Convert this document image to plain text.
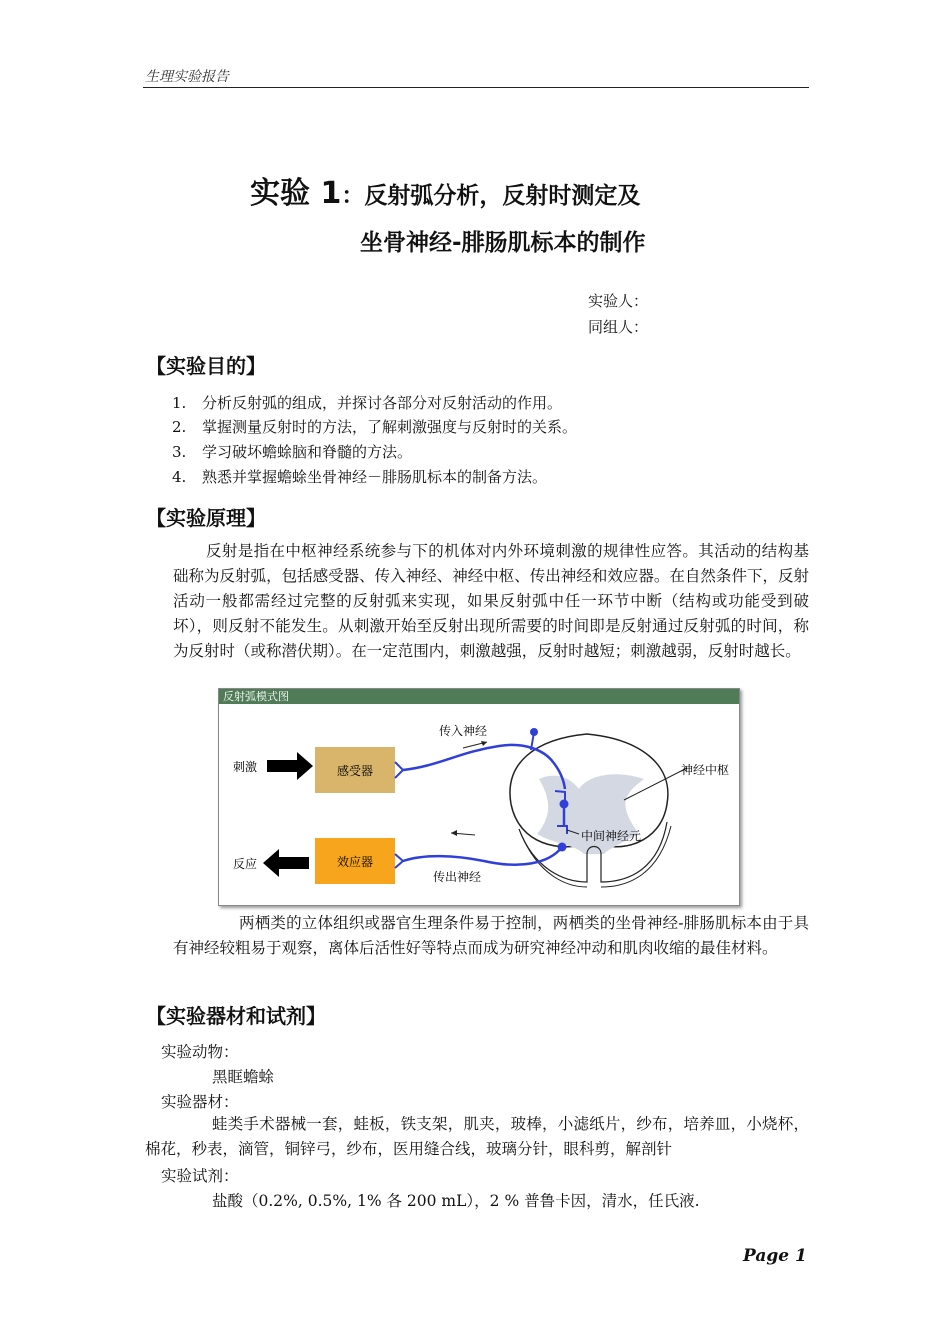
生理实验报告
实验 1：反射弧分析，反射时测定及
坐骨神经-腓肠肌标本的制作
实验人：
同组人：
【实验目的】
1. 分析反射弧的组成，并探讨各部分对反射活动的作用。
2. 掌握测量反射时的方法，了解刺激强度与反射时的关系。
3. 学习破坏蟾蜍脑和脊髓的方法。
4. 熟悉并掌握蟾蜍坐骨神经－腓肠肌标本的制备方法。
【实验原理】
反射是指在中枢神经系统参与下的机体对内外环境刺激的规律性应答。其活动的结构基础称为反射弧，包括感受器、传入神经、神经中枢、传出神经和效应器。在自然条件下，反射活动一般都需经过完整的反射弧来实现，如果反射弧中任一环节中断（结构或功能受到破坏），则反射不能发生。从刺激开始至反射出现所需要的时间即是反射通过反射弧的时间，称为反射时（或称潜伏期）。在一定范围内，刺激越强，反射时越短；刺激越弱，反射时越长。
反射弧模式图
刺激
反应
感受器
效应器
传入神经
传出神经
神经中枢
中间神经元
两栖类的立体组织或器官生理条件易于控制，两栖类的坐骨神经-腓肠肌标本由于具有神经较粗易于观察，离体后活性好等特点而成为研究神经冲动和肌肉收缩的最佳材料。
【实验器材和试剂】
实验动物：
黑眶蟾蜍
实验器材：
蛙类手术器械一套，蛙板，铁支架，肌夹，玻棒，小滤纸片，纱布，培养皿，小烧杯，棉花，秒表，滴管，铜锌弓，纱布，医用缝合线，玻璃分针，眼科剪，解剖针
实验试剂：
盐酸（0.2%, 0.5%, 1% 各 200 mL），2 % 普鲁卡因，清水，任氏液.
Page 1
